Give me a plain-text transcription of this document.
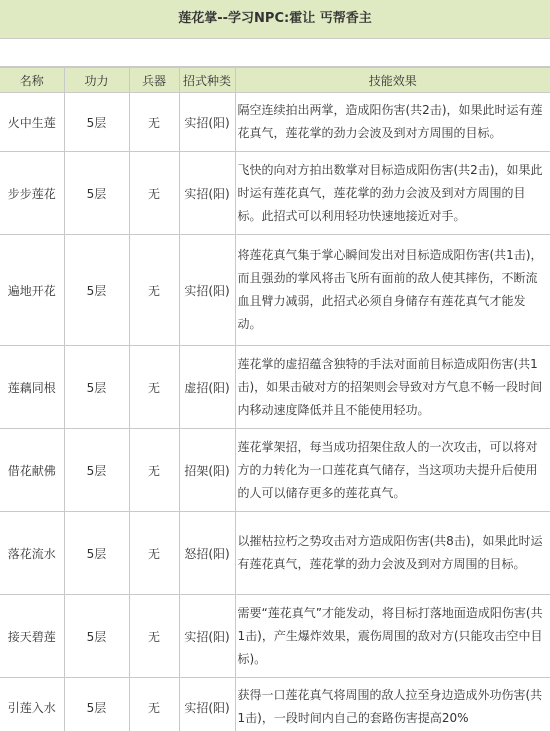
莲花掌--学习NPC:霍让 丐帮香主
名称	功力	兵器	招式种类	技能效果
火中生莲	5层	无	实招(阳)	隔空连续拍出两掌，造成阳伤害(共2击)，如果此时运有莲花真气，莲花掌的劲力会波及到对方周围的目标。
步步莲花	5层	无	实招(阳)	飞快的向对方拍出数掌对目标造成阳伤害(共2击)，如果此时运有莲花真气，莲花掌的劲力会波及到对方周围的目标。此招式可以利用轻功快速地接近对手。
遍地开花	5层	无	实招(阳)	将莲花真气集于掌心瞬间发出对目标造成阳伤害(共1击)，而且强劲的掌风将击飞所有面前的敌人使其摔伤，不断流血且臂力减弱，此招式必须自身储存有莲花真气才能发动。
莲藕同根	5层	无	虚招(阳)	莲花掌的虚招蕴含独特的手法对面前目标造成阳伤害(共1击)，如果击破对方的招架则会导致对方气息不畅一段时间内移动速度降低并且不能使用轻功。
借花献佛	5层	无	招架(阳)	莲花掌架招，每当成功招架住敌人的一次攻击，可以将对方的力转化为一口莲花真气储存，当这项功夫提升后使用的人可以储存更多的莲花真气。
落花流水	5层	无	怒招(阳)	以摧枯拉朽之势攻击对方造成阳伤害(共8击)，如果此时运有莲花真气，莲花掌的劲力会波及到对方周围的目标。
接天碧莲	5层	无	实招(阳)	需要“莲花真气”才能发动，将目标打落地面造成阳伤害(共1击)，产生爆炸效果，震伤周围的敌对方(只能攻击空中目标)。
引莲入水	5层	无	实招(阳)	获得一口莲花真气将周围的敌人拉至身边造成外功伤害(共1击)，一段时间内自己的套路伤害提高20%
